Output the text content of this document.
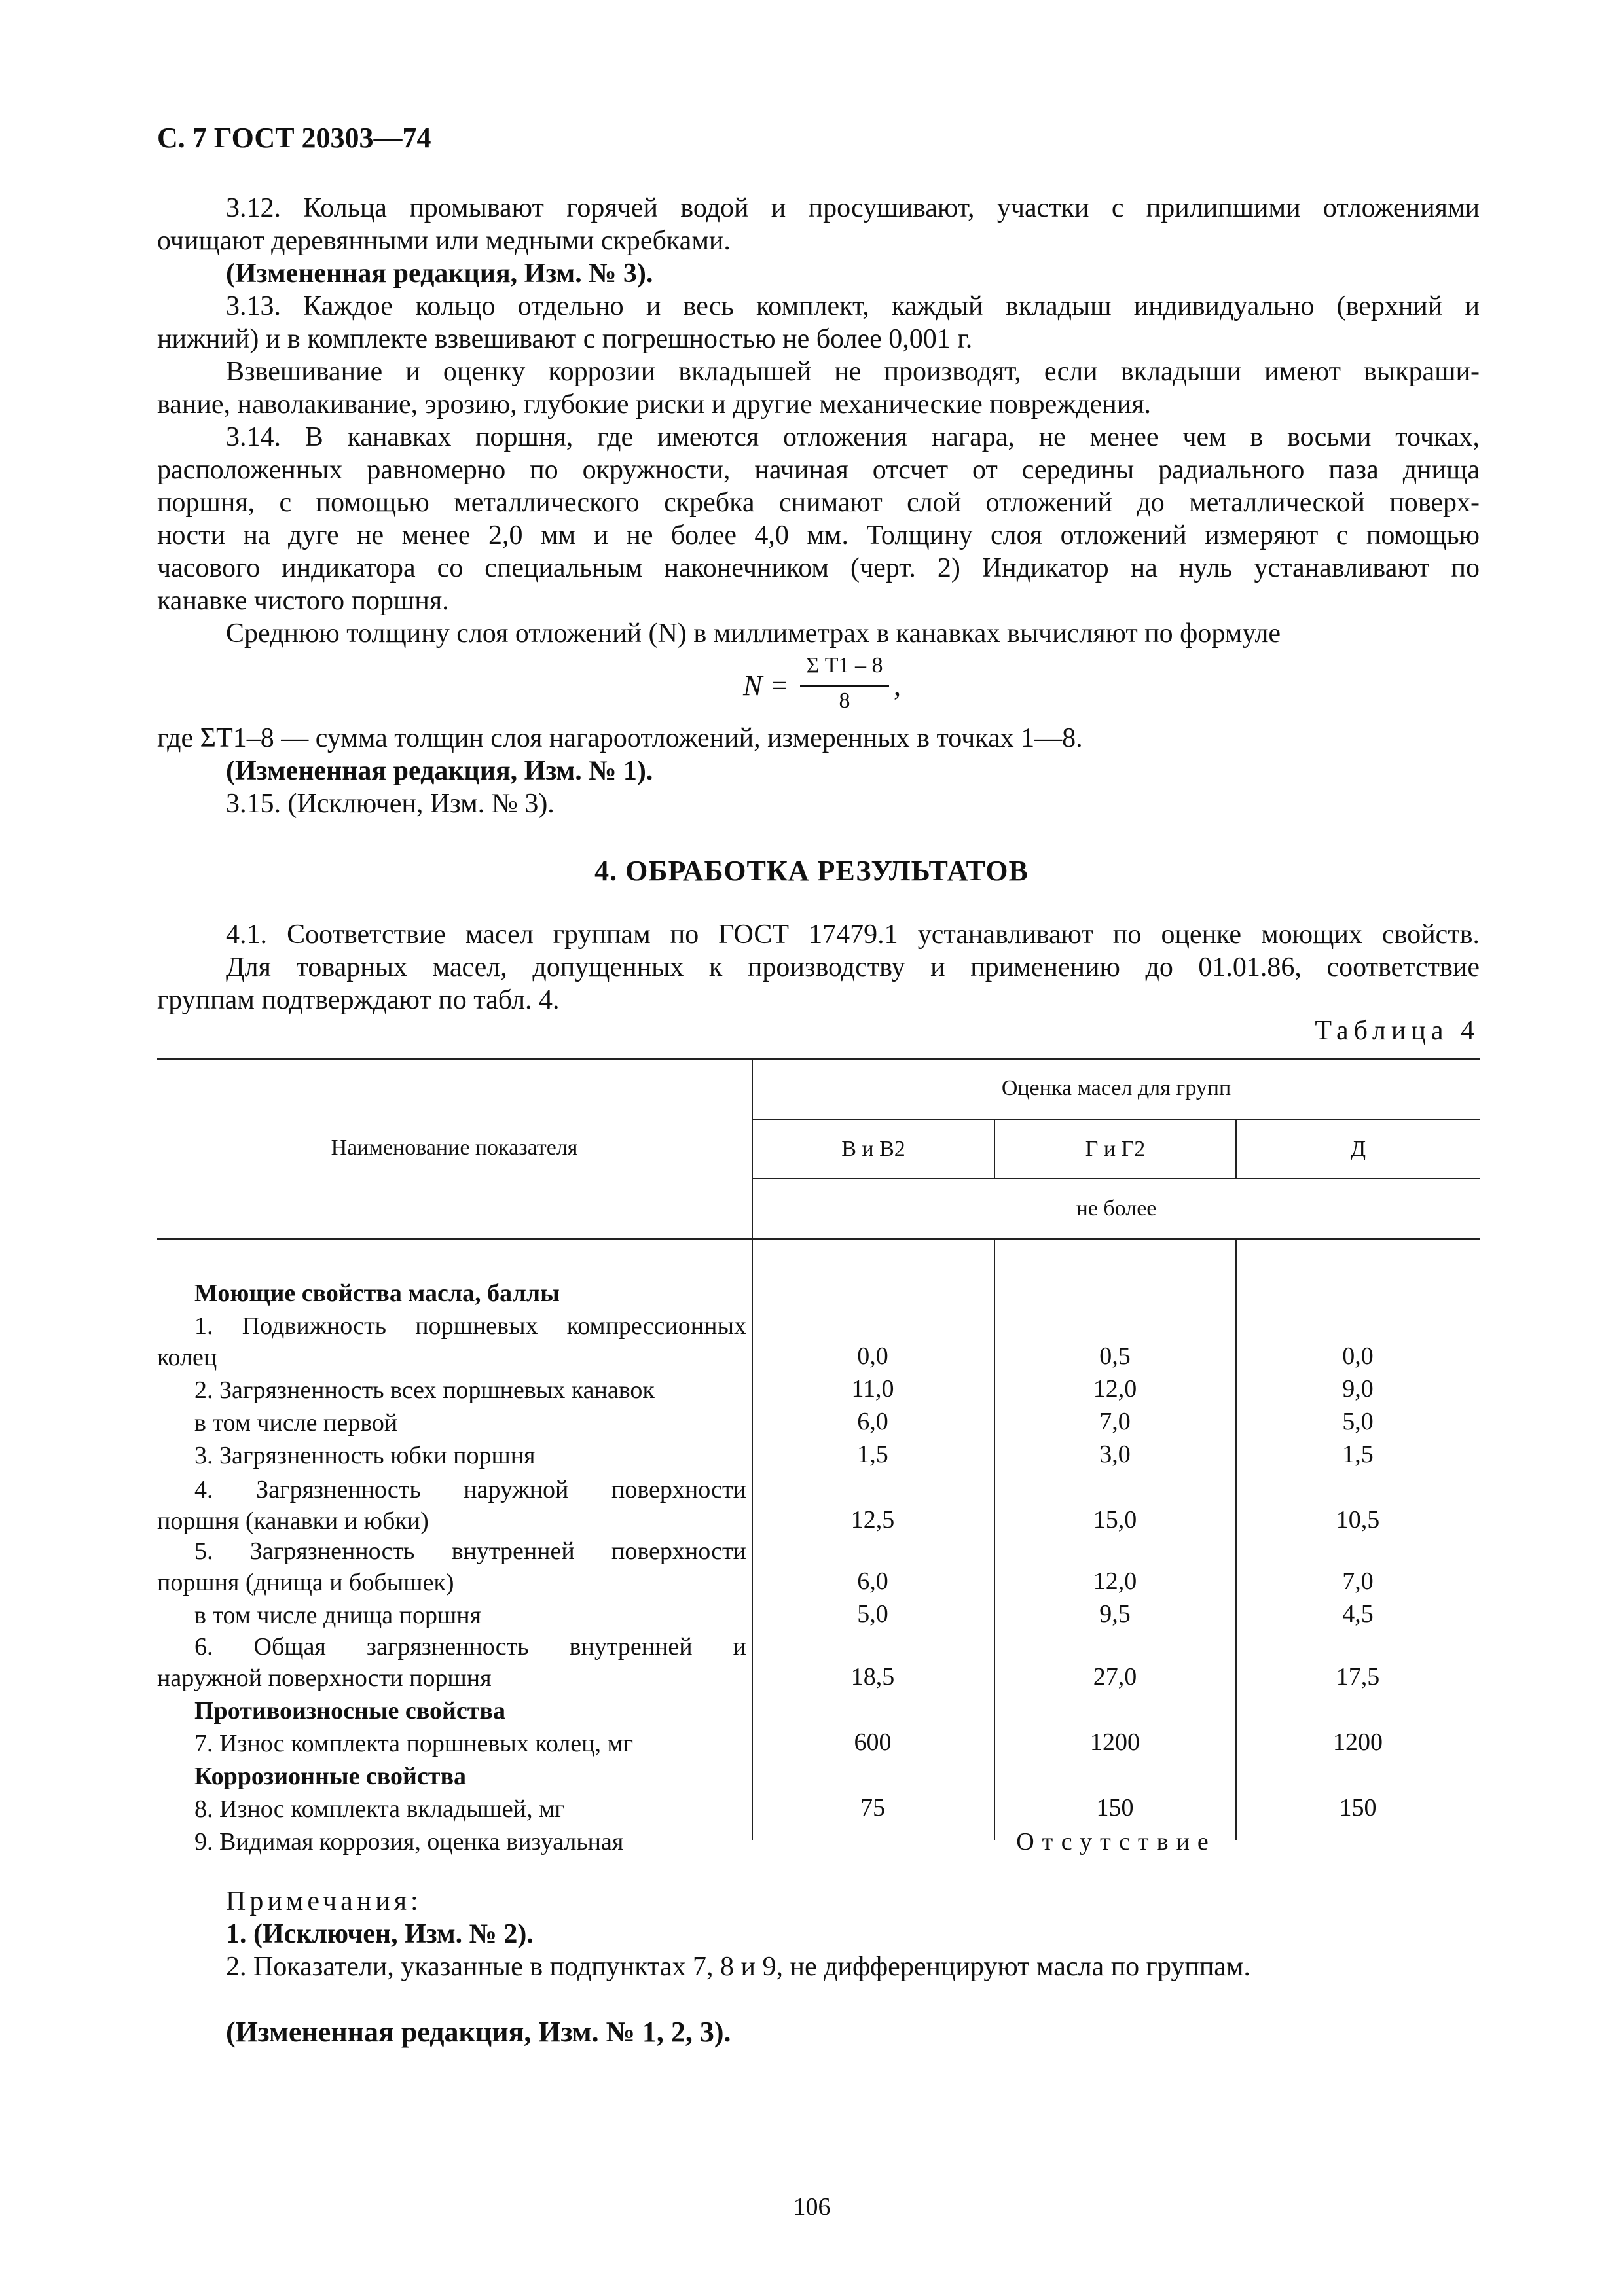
С. 7 ГОСТ 20303—74
3.12. Кольца промывают горячей водой и просушивают, участки с прилипшими отложениями
очищают деревянными или медными скребками.
(Измененная редакция, Изм. № 3).
3.13. Каждое кольцо отдельно и весь комплект, каждый вкладыш индивидуально (верхний и
нижний) и в комплекте взвешивают с погрешностью не более 0,001 г.
Взвешивание и оценку коррозии вкладышей не производят, если вкладыши имеют выкраши-
вание, наволакивание, эрозию, глубокие риски и другие механические повреждения.
3.14. В канавках поршня, где имеются отложения нагара, не менее чем в восьми точках,
расположенных равномерно по окружности, начиная отсчет от середины радиального паза днища
поршня, с помощью металлического скребка снимают слой отложений до металлической поверх-
ности на дуге не менее 2,0 мм и не более 4,0 мм. Толщину слоя отложений измеряют с помощью
часового индикатора со специальным наконечником (черт. 2) Индикатор на нуль устанавливают по
канавке чистого поршня.
Среднюю толщину слоя отложений (N) в миллиметрах в канавках вычисляют по формуле
N =
Σ T1 – 8
8	,
где ΣT1–8 — сумма толщин слоя нагароотложений, измеренных в точках 1—8.
(Измененная редакция, Изм. № 1).
3.15. (Исключен, Изм. № 3).
4. ОБРАБОТКА РЕЗУЛЬТАТОВ
4.1. Соответствие масел группам по ГОСТ 17479.1 устанавливают по оценке моющих свойств.
Для товарных масел, допущенных к производству и применению до 01.01.86, соответствие
группам подтверждают по табл. 4.
Таблица 4
Наименование показателя
Оценка масел для групп
В и В2	Г и Г2	Д
не более
Моющие свойства масла, баллы
1. Подвижность поршневых компрессионных
колец	0,0	0,5	0,0
2. Загрязненность всех поршневых канавок	11,0	12,0	9,0
в том числе первой	6,0	7,0	5,0
3. Загрязненность юбки поршня	1,5	3,0	1,5
4. Загрязненность наружной поверхности
поршня (канавки и юбки)	12,5	15,0	10,5
5. Загрязненность внутренней поверхности
поршня (днища и бобышек)	6,0	12,0	7,0
в том числе днища поршня	5,0	9,5	4,5
6. Общая загрязненность внутренней и
наружной поверхности поршня	18,5	27,0	17,5
Противоизносные свойства
7. Износ комплекта поршневых колец, мг	600	1200	1200
Коррозионные свойства
8. Износ комплекта вкладышей, мг	75	150	150
9. Видимая коррозия, оценка визуальная	Отсутствие
Примечания:
1. (Исключен, Изм. № 2).
2. Показатели, указанные в подпунктах 7, 8 и 9, не дифференцируют масла по группам.
(Измененная редакция, Изм. № 1, 2, 3).
106
